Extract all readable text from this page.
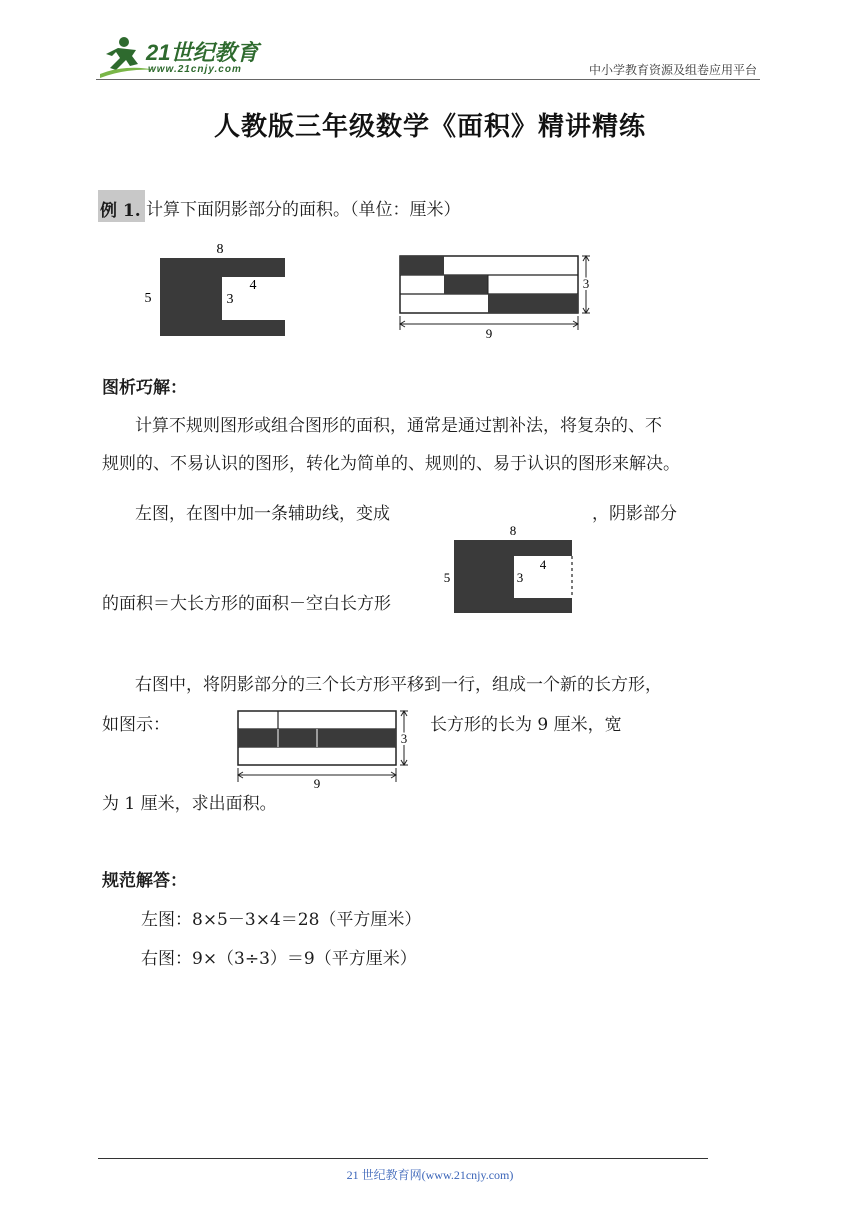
21世纪教育
www.21cnjy.com	中小学教育资源及组卷应用平台
人教版三年级数学《面积》精讲精练
例 1. 计算下面阴影部分的面积。（单位：厘米）
8
5	3
4	3
9
图析巧解：
计算不规则图形或组合图形的面积，通常是通过割补法，将复杂的、不
规则的、不易认识的图形，转化为简单的、规则的、易于认识的图形来解决。
左图，在图中加一条辅助线，变成	，阴影部分
8
5	3
4
的面积＝大长方形的面积－空白长方形
右图中，将阴影部分的三个长方形平移到一行，组成一个新的长方形，
如图示：
3
9
长方形的长为 9 厘米，宽
为 1 厘米，求出面积。
规范解答：
左图：8×5－3×4＝28（平方厘米）
右图：9×（3÷3）＝9（平方厘米）
21 世纪教育网(www.21cnjy.com)
